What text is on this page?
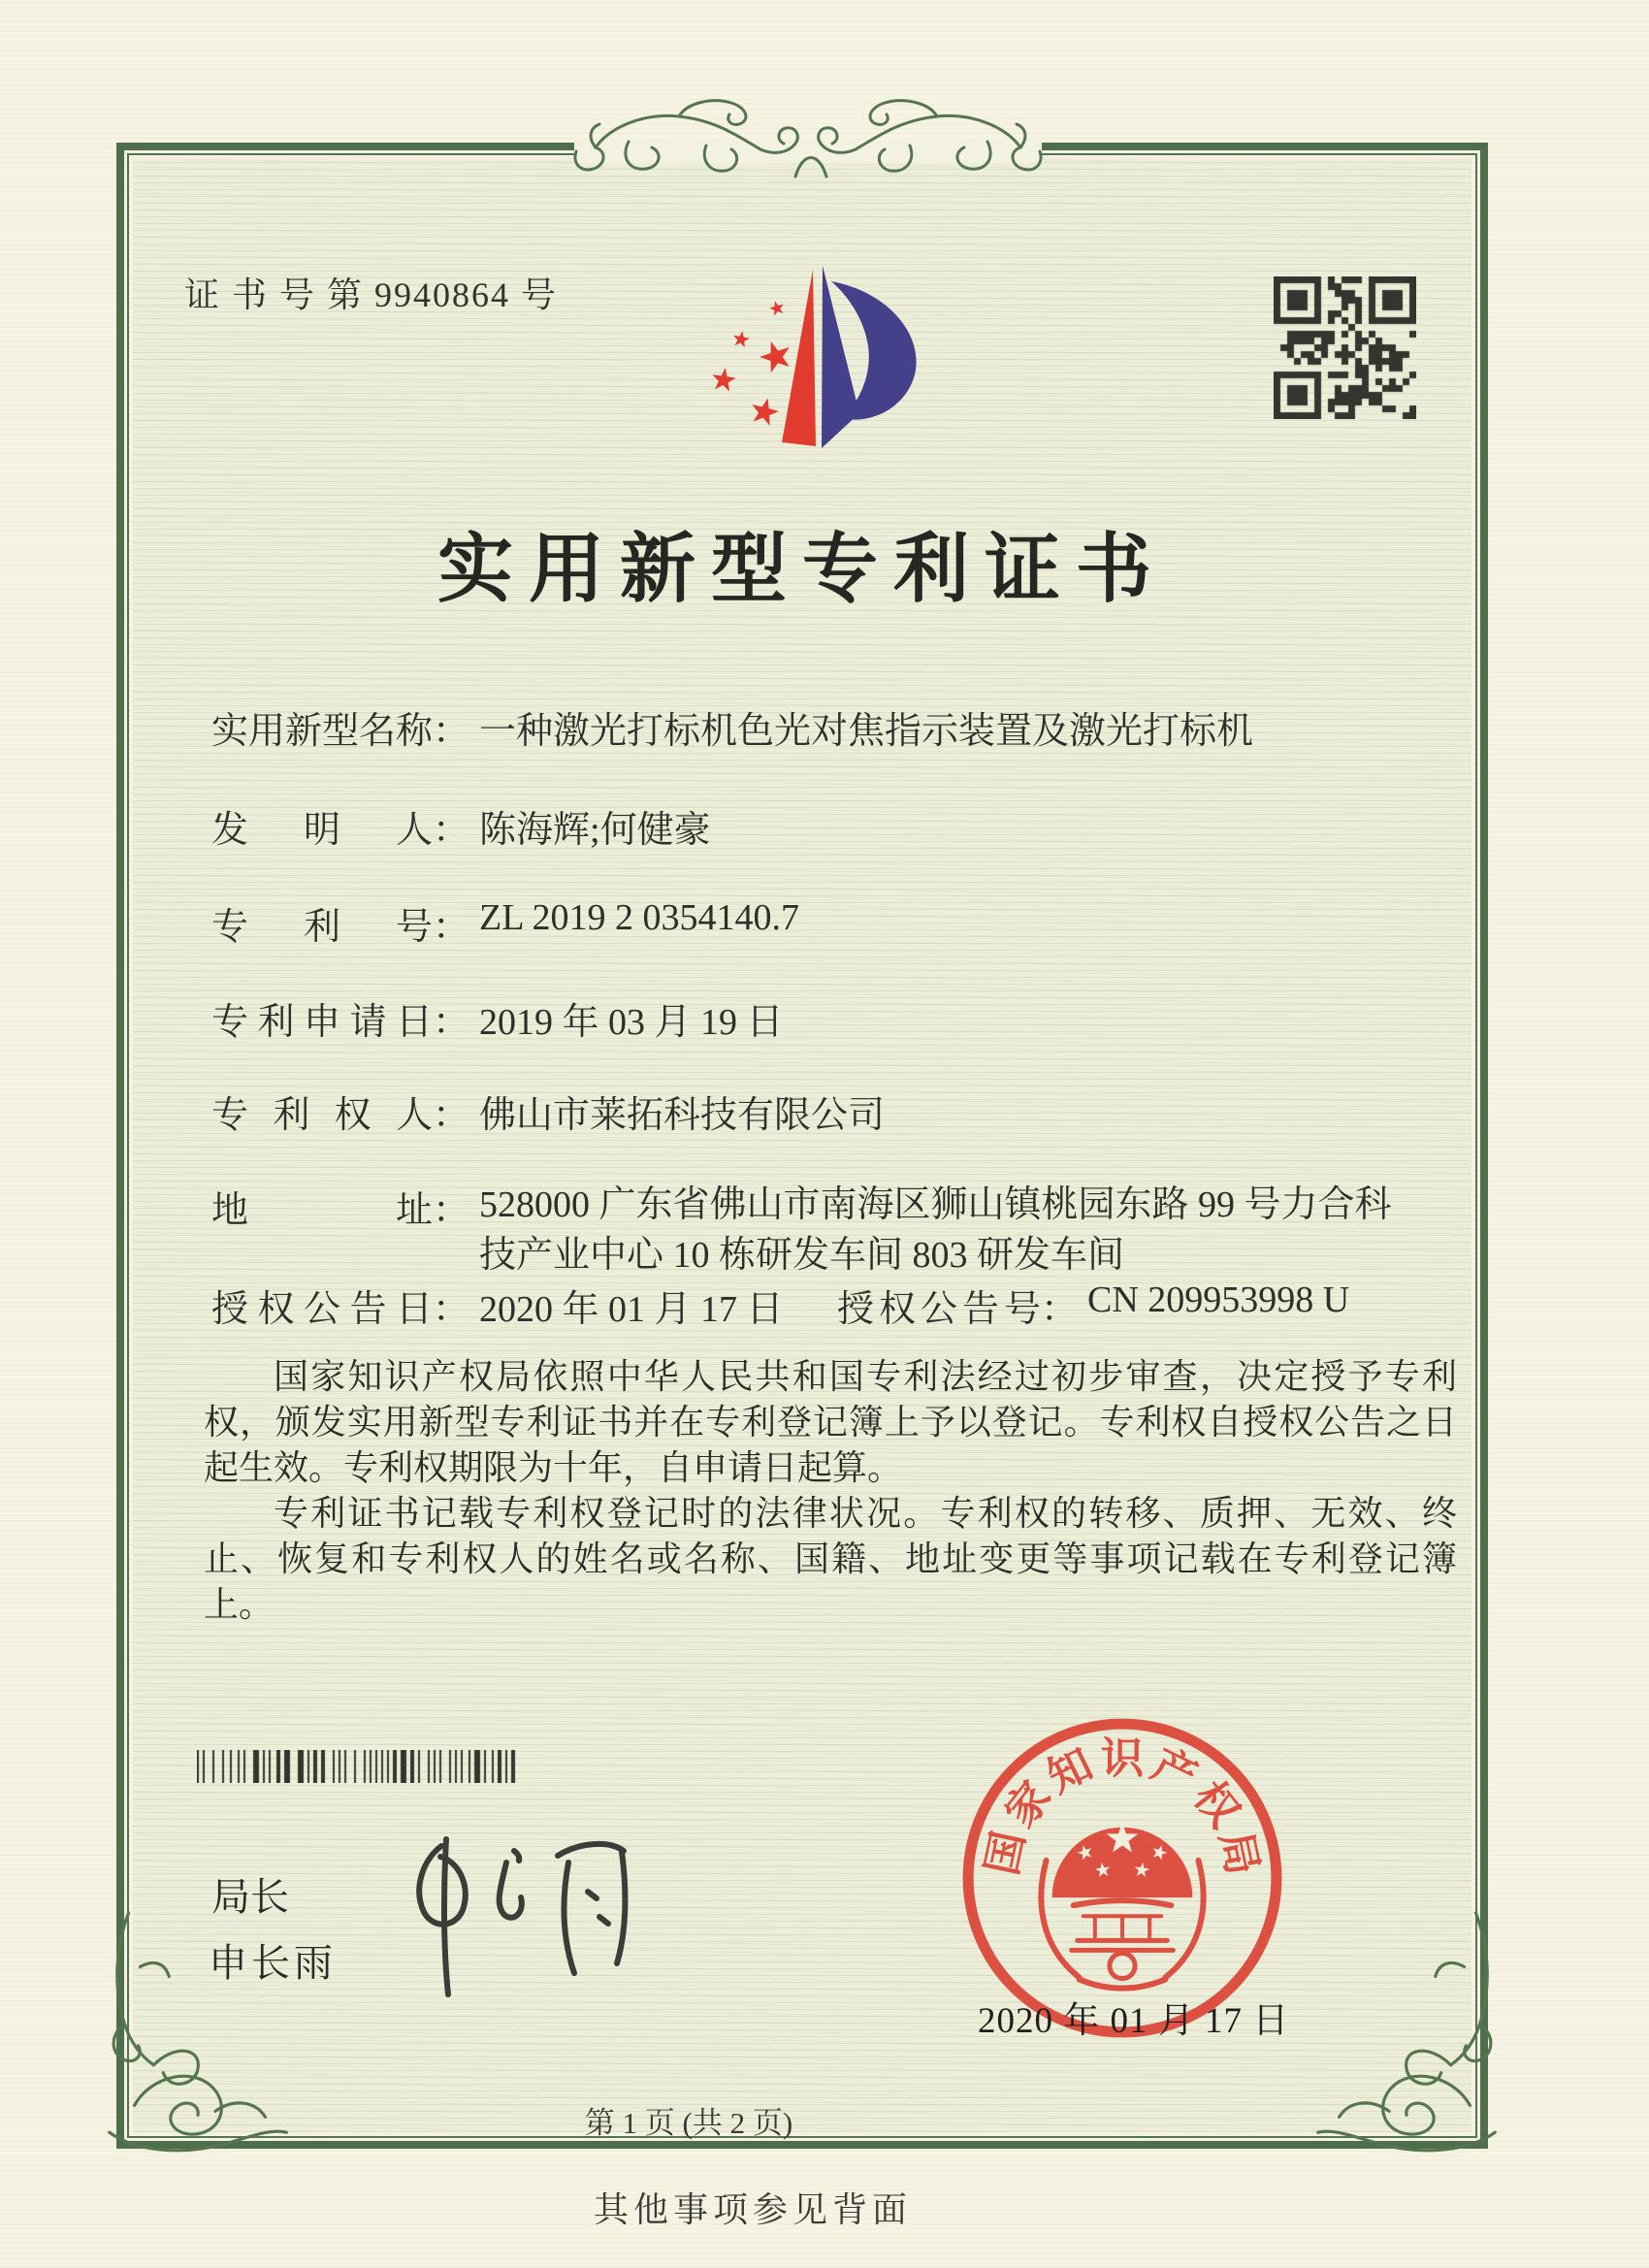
证 书 号 第 9940864 号
实用新型专利证书
实用新型名称： 一种激光打标机色光对焦指示装置及激光打标机
发明人： 陈海辉;何健豪
专利号： ZL 2019 2 0354140.7
专利申请日： 2019 年 03 月 19 日
专利权人： 佛山市莱拓科技有限公司
地址： 528000 广东省佛山市南海区狮山镇桃园东路 99 号力合科
技产业中心 10 栋研发车间 803 研发车间
授权公告日： 2020 年 01 月 17 日 授权公告号： CN 209953998 U

国家知识产权局依照中华人民共和国专利法经过初步审查，决定授予专利权，颁发实用新型专利证书并在专利登记簿上予以登记。专利权自授权公告之日起生效。专利权期限为十年，自申请日起算。

专利证书记载专利权登记时的法律状况。专利权的转移、质押、无效、终止、恢复和专利权人的姓名或名称、国籍、地址变更等事项记载在专利登记簿上。

局长
申长雨
国
家
知 识 产
权
局
2020 年 01 月 17 日
第 1 页 (共 2 页)
其他事项参见背面
